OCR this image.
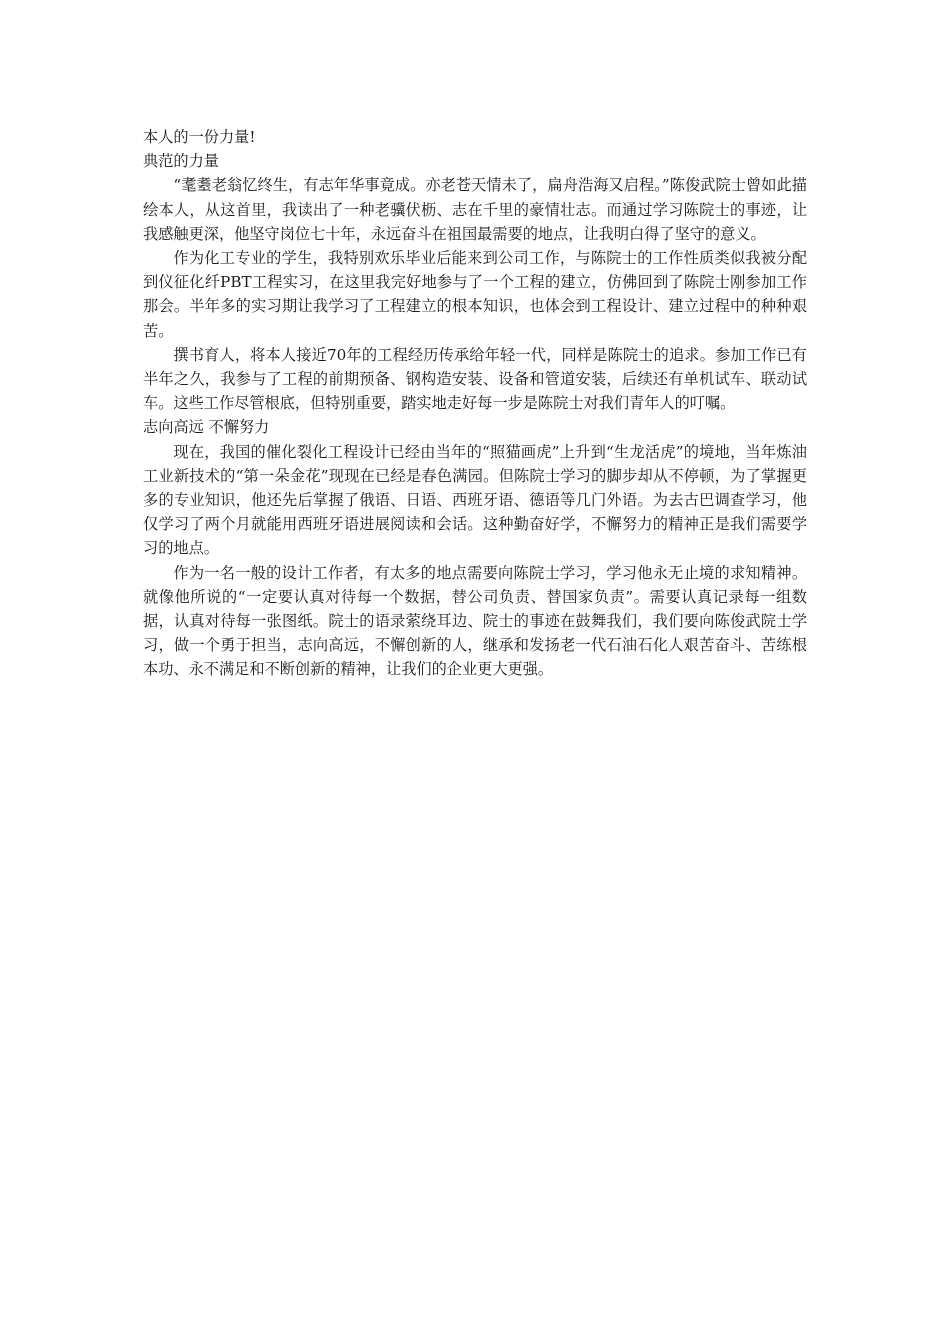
本人的一份力量!

典范的力量

“耄耋老翁忆终生，有志年华事竟成。亦老苍天情未了，扁舟浩海又启程。”陈俊武院士曾如此描绘本人，从这首里，我读出了一种老骥伏枥、志在千里的豪情壮志。而通过学习陈院士的事迹，让我感触更深，他坚守岗位七十年，永远奋斗在祖国最需要的地点，让我明白得了坚守的意义。

作为化工专业的学生，我特别欢乐毕业后能来到公司工作，与陈院士的工作性质类似我被分配到仪征化纤PBT工程实习，在这里我完好地参与了一个工程的建立，仿佛回到了陈院士刚参加工作那会。半年多的实习期让我学习了工程建立的根本知识，也体会到工程设计、建立过程中的种种艰苦。

撰书育人，将本人接近70年的工程经历传承给年轻一代，同样是陈院士的追求。参加工作已有半年之久，我参与了工程的前期预备、钢构造安装、设备和管道安装，后续还有单机试车、联动试车。这些工作尽管根底，但特别重要，踏实地走好每一步是陈院士对我们青年人的叮嘱。

志向高远 不懈努力

现在，我国的催化裂化工程设计已经由当年的“照猫画虎”上升到“生龙活虎”的境地，当年炼油工业新技术的“第一朵金花”现现在已经是春色满园。但陈院士学习的脚步却从不停顿，为了掌握更多的专业知识，他还先后掌握了俄语、日语、西班牙语、德语等几门外语。为去古巴调查学习，他仅学习了两个月就能用西班牙语进展阅读和会话。这种勤奋好学，不懈努力的精神正是我们需要学习的地点。

作为一名一般的设计工作者，有太多的地点需要向陈院士学习，学习他永无止境的求知精神。就像他所说的“一定要认真对待每一个数据，替公司负责、替国家负责”。需要认真记录每一组数据，认真对待每一张图纸。院士的语录萦绕耳边、院士的事迹在鼓舞我们，我们要向陈俊武院士学习，做一个勇于担当，志向高远，不懈创新的人，继承和发扬老一代石油石化人艰苦奋斗、苦练根本功、永不满足和不断创新的精神，让我们的企业更大更强。
